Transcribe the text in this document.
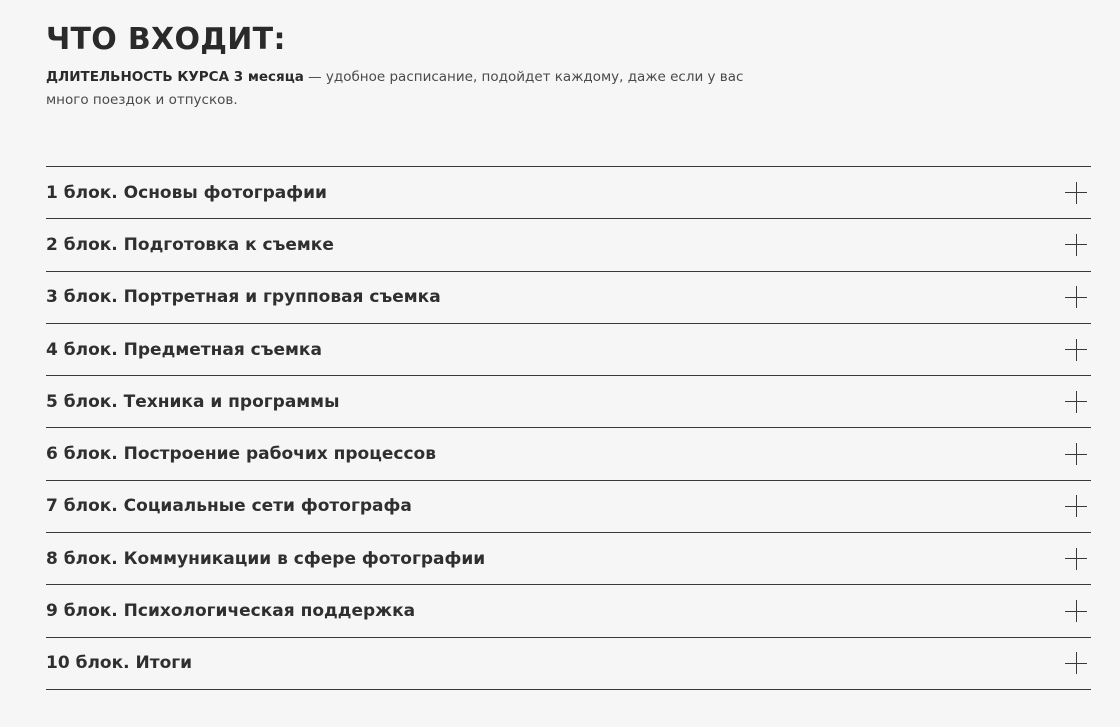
ЧТО ВХОДИТ:
ДЛИТЕЛЬНОСТЬ КУРСА 3 месяца — удобное расписание, подойдет каждому, даже если у вас много поездок и отпусков.
1 блок. Основы фотографии
2 блок. Подготовка к съемке
3 блок. Портретная и групповая съемка
4 блок. Предметная съемка
5 блок. Техника и программы
6 блок. Построение рабочих процессов
7 блок. Социальные сети фотографа
8 блок. Коммуникации в сфере фотографии
9 блок. Психологическая поддержка
10 блок. Итоги
